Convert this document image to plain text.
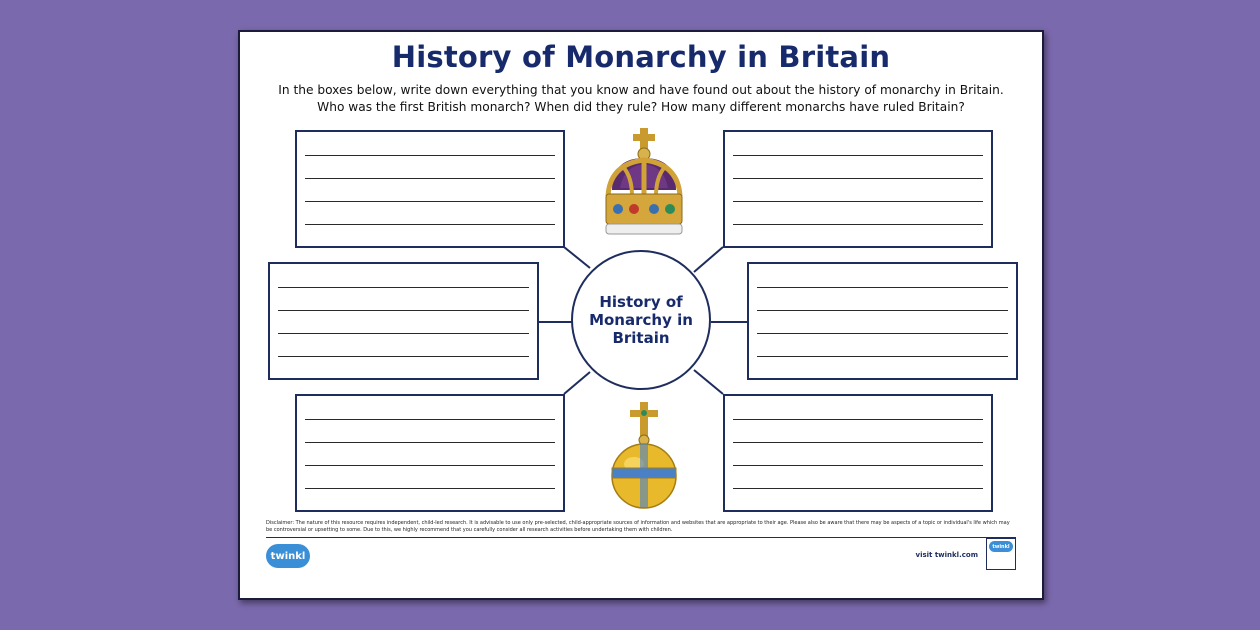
History of Monarchy in Britain
In the boxes below, write down everything that you know and have found out about the history of monarchy in Britain. Who was the first British monarch? When did they rule? How many different monarchs have ruled Britain?
History of Monarchy in Britain
Disclaimer: The nature of this resource requires independent, child-led research. It is advisable to use only pre-selected, child-appropriate sources of information and websites that are appropriate to their age. Please also be aware that there may be aspects of a topic or individual's life which may be controversial or upsetting to some. Due to this, we highly recommend that you carefully consider all research activities before undertaking them with children.
twinkl	visit twinkl.com
twinkl
